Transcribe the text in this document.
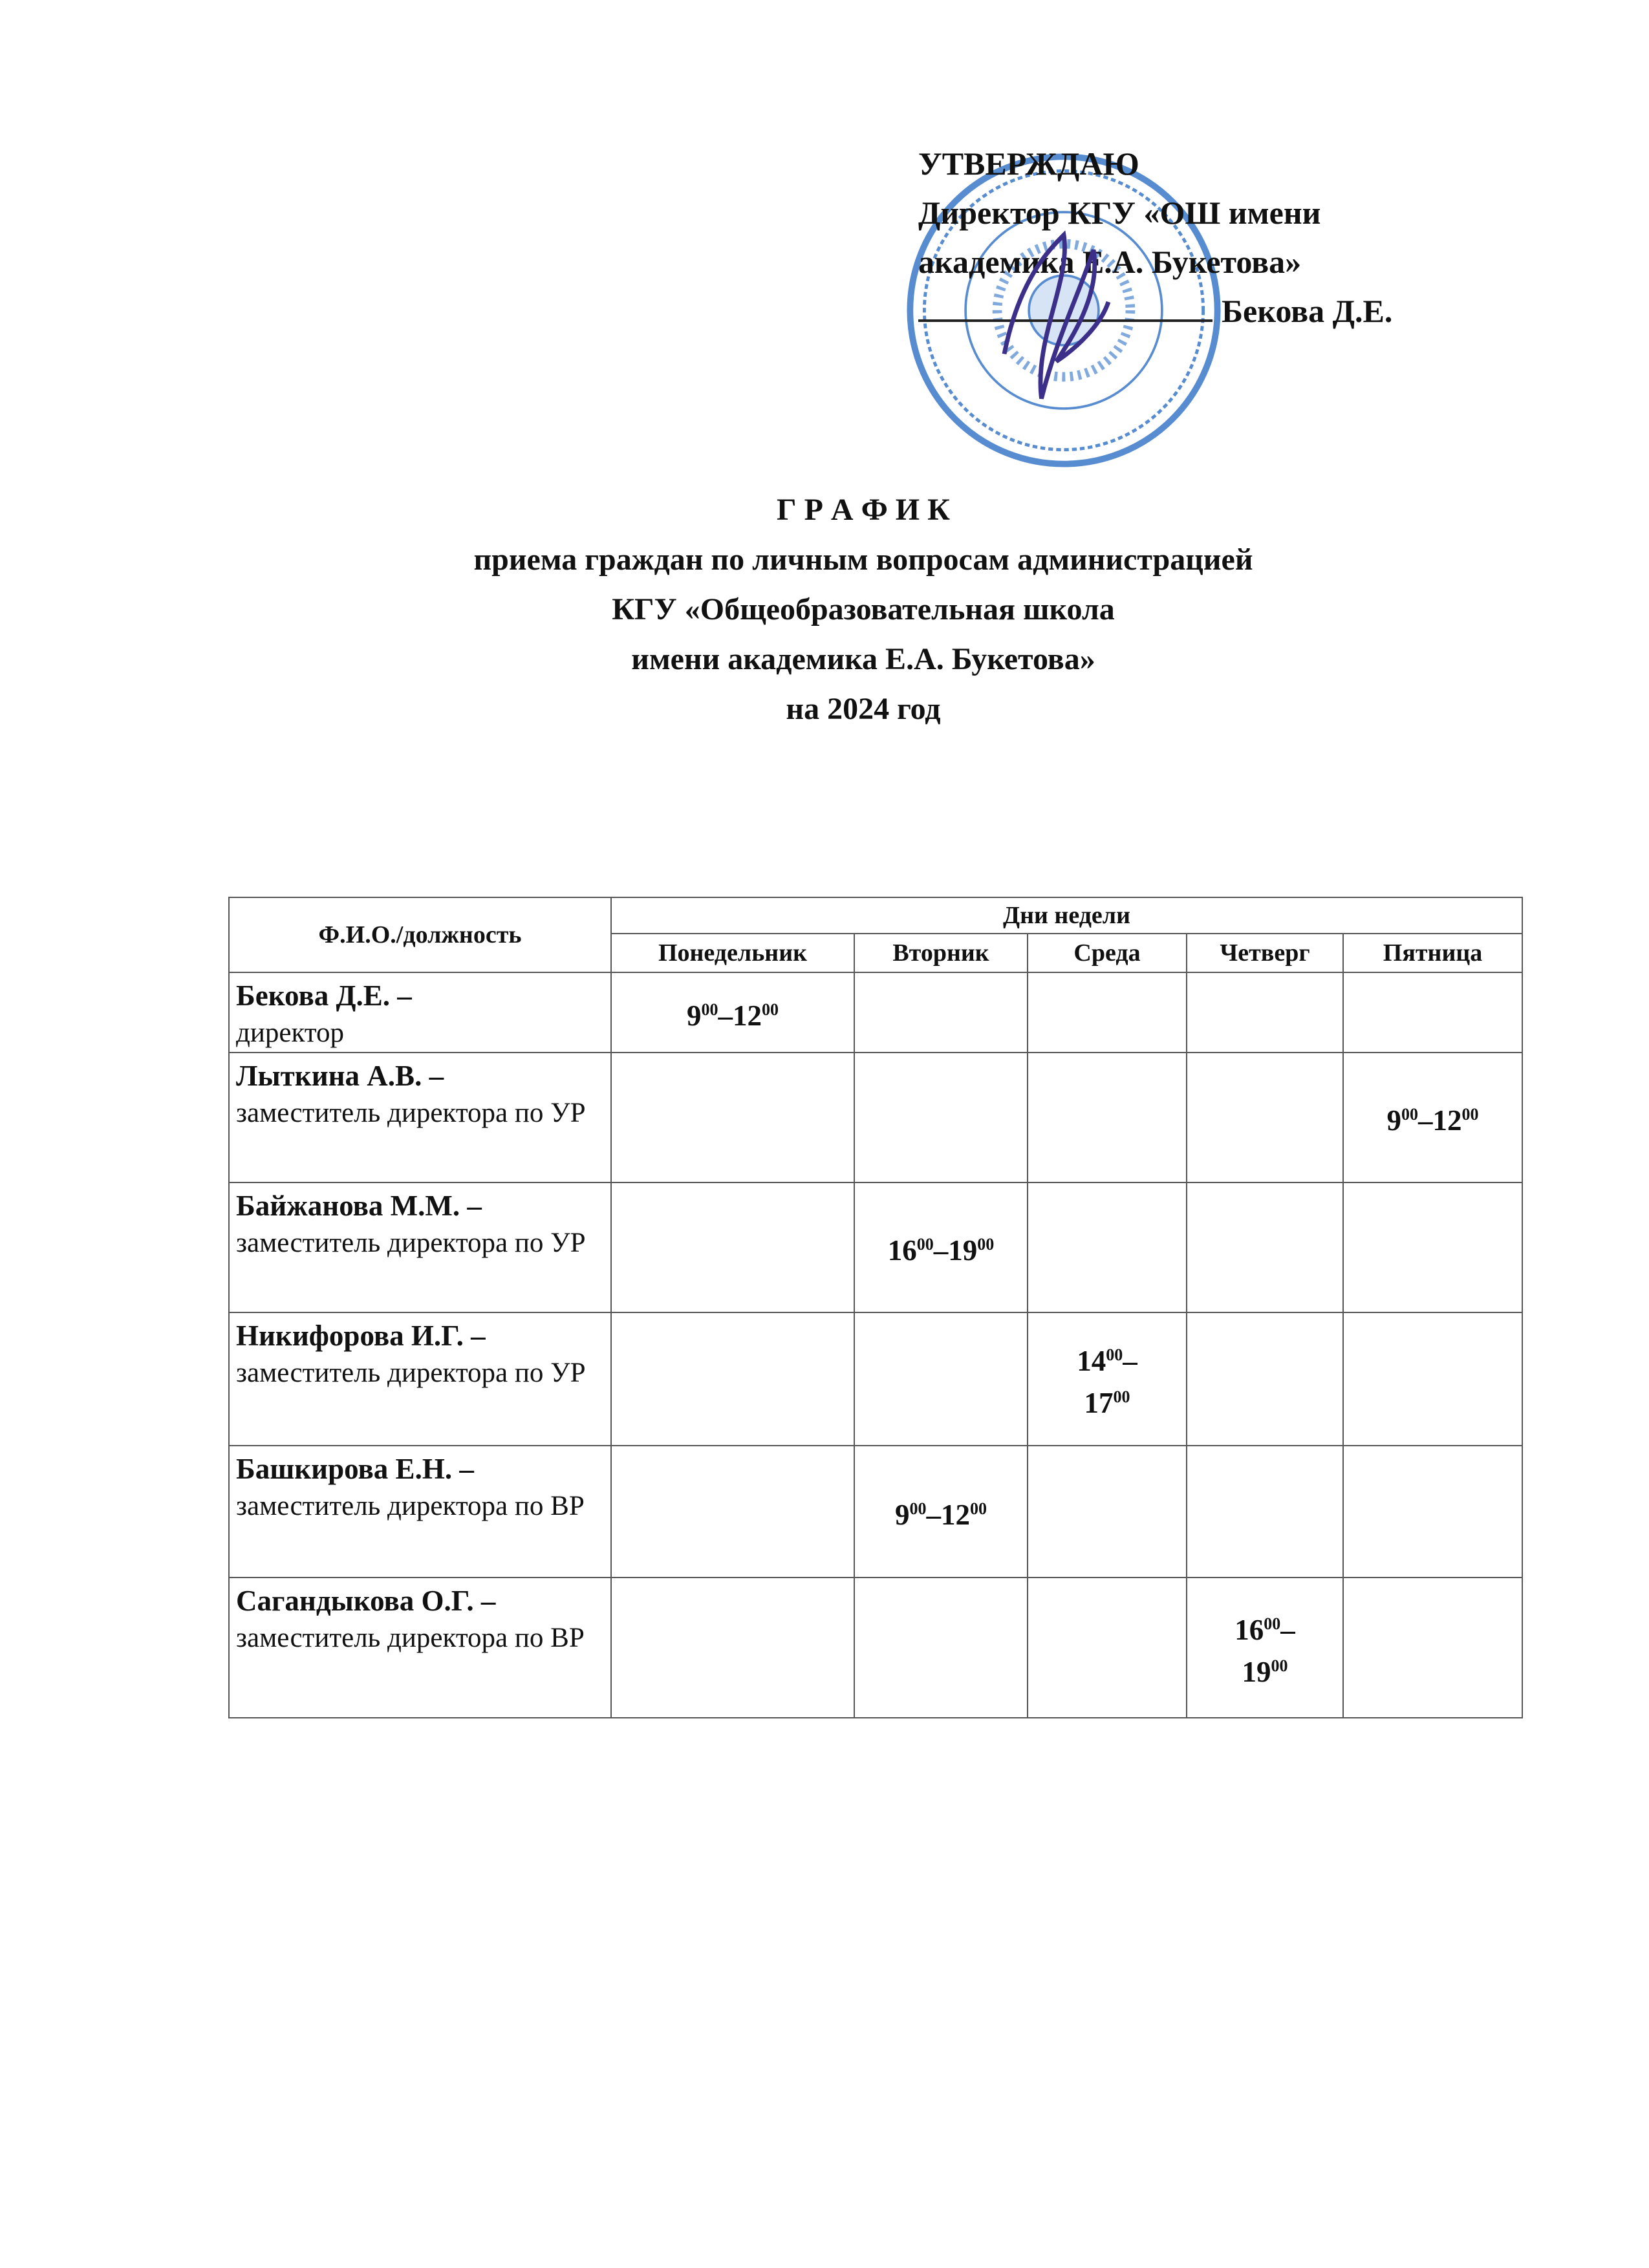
УТВЕРЖДАЮ
Директор КГУ «ОШ имени
академика Е.А. Букетова»
Бекова Д.Е.
Г Р А Ф И К
приема граждан по личным вопросам администрацией
КГУ «Общеобразовательная школа
имени академика Е.А. Букетова»
на 2024 год
Ф.И.О./должность	Дни недели				
	Понедельник	Вторник	Среда	Четверг	Пятница
Бекова Д.Е. –
директор	$9^{00}-12^{00}$				
Лыткина А.В. –
заместитель директора по УР					$9^{00}-12^{00}$
Байжанова М.М. –
заместитель директора по УР		$16^{00}-19^{00}$			
Никифорова И.Г. –
заместитель директора по УР			$14^{00}-$
$17^{00}$		
Башкирова Е.Н. –
заместитель директора по ВР		$9^{00}-12^{00}$			
Сагандыкова О.Г. –
заместитель директора по ВР				$16^{00}-$
$19^{00}$	
